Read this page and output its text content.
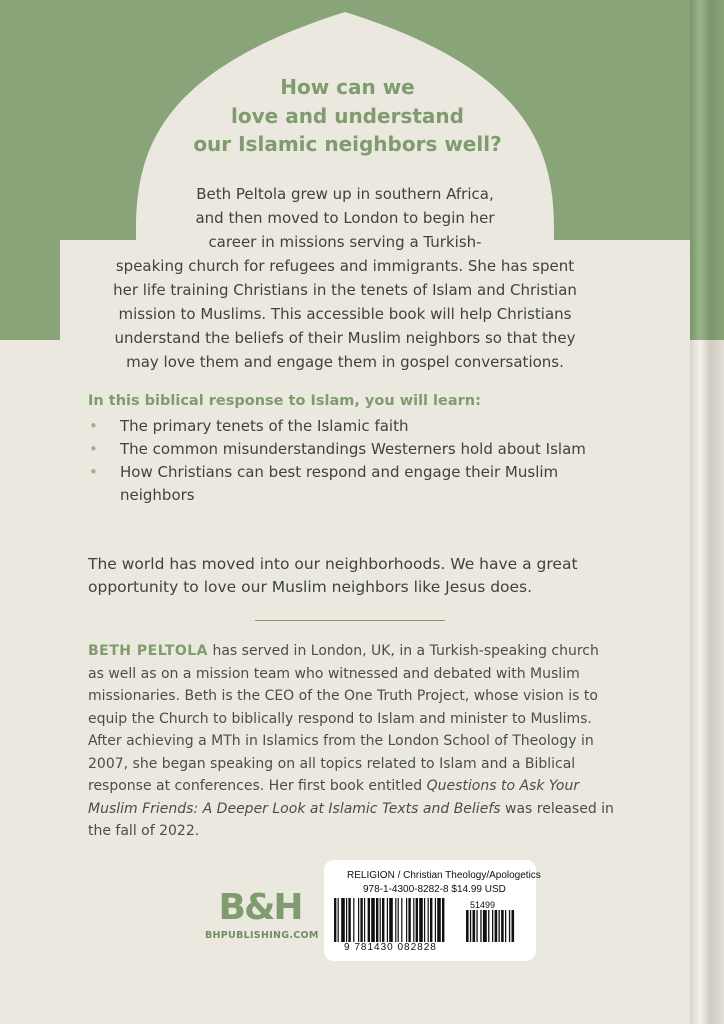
How can we
love and understand
our Islamic neighbors well?
Beth Peltola grew up in southern Africa,
and then moved to London to begin her
career in missions serving a Turkish-
speaking church for refugees and immigrants. She has spent
her life training Christians in the tenets of Islam and Christian
mission to Muslims. This accessible book will help Christians
understand the beliefs of their Muslim neighbors so that they
may love them and engage them in gospel conversations.
In this biblical response to Islam, you will learn:
• The primary tenets of the Islamic faith
• The common misunderstandings Westerners hold about Islam
• How Christians can best respond and engage their Muslim neighbors
The world has moved into our neighborhoods. We have a great opportunity to love our Muslim neighbors like Jesus does.
BETH PELTOLA has served in London, UK, in a Turkish-speaking church as well as on a mission team who witnessed and debated with Muslim missionaries. Beth is the CEO of the One Truth Project, whose vision is to equip the Church to biblically respond to Islam and minister to Muslims. After achieving a MTh in Islamics from the London School of Theology in 2007, she began speaking on all topics related to Islam and a Biblical response at conferences. Her first book entitled Questions to Ask Your Muslim Friends: A Deeper Look at Islamic Texts and Beliefs was released in the fall of 2022.
B&H
BHPUBLISHING.COM
RELIGION / Christian Theology/Apologetics
978-1-4300-8282-8 $14.99 USD
51499
9 781430 082828
